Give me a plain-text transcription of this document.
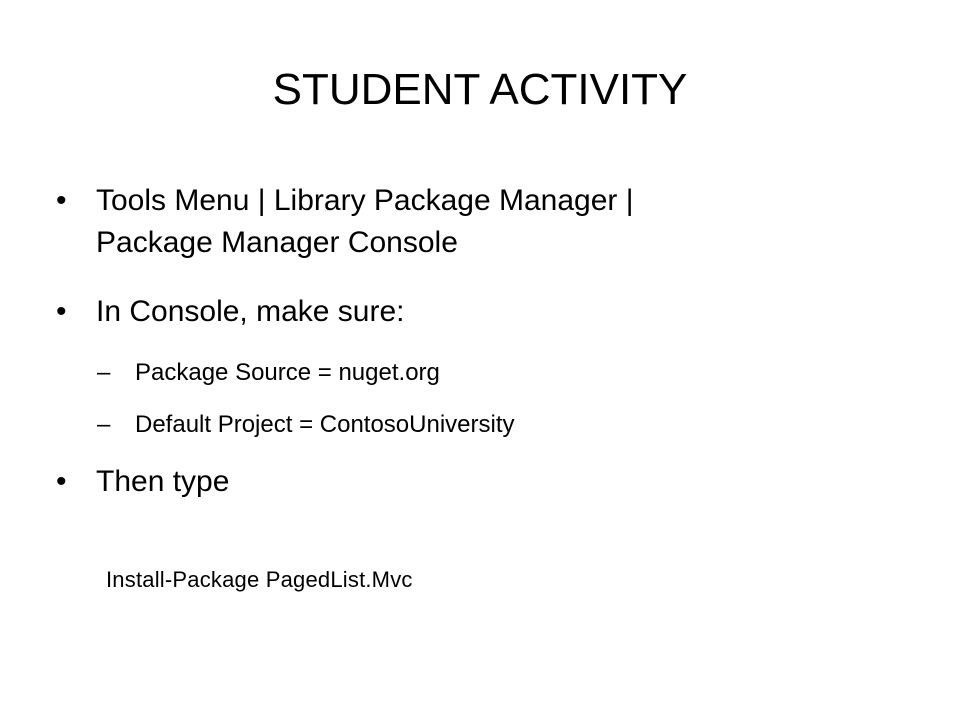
STUDENT ACTIVITY
• Tools Menu | Library Package Manager |
Package Manager Console
• In Console, make sure:
– Package Source = nuget.org
– Default Project = ContosoUniversity
• Then type
Install-Package PagedList.Mvc
